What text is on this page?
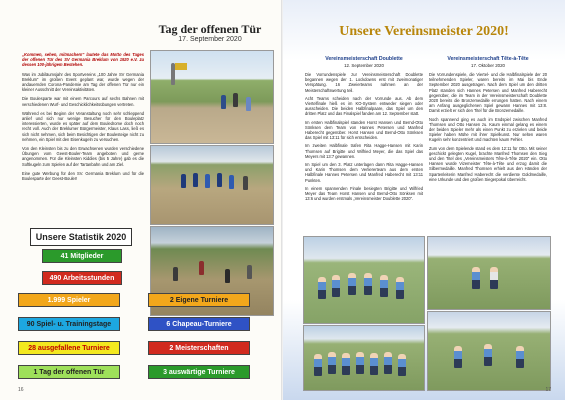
Tag der offenen Tür
17. September 2020

„Kommen, sehen, mitmachen!“ lautete das Motto des Tages der offenen Tür des SV Germania Breklum von 1920 e.V. zu dessen 100-jährigem Bestehen.

Was im Jubiläumsjahr des Sportvereins „100 Jahre SV Germania Breklum“ im großen Event geplant war, wurde wegen der andauernden Corona-Pandemie am Tag der offenen Tür nur ein kleiner Ausschnitt der Vereinsaktivitäten.

Die Boulesparte war mit einem Parcours auf sechs Bahnen mit verschiedenen Wurf- und Geschicklichkeitsübungen vertreten.

Während es bei Beginn der Veranstaltung noch sehr schleppend anlief und sich nur wenige Besucher für den Bouleplatz interessierten, wurde es später auf dem Bouledrome doch noch recht voll. Auch der Breklumer Bürgermeister, Klaus Lass, ließ es sich nicht nehmen, sich beim Besichtigen der Boulesteige nicht zu nehmen, ein Spiel mit den Eisenkugeln zu versuchen.

Von den Kleinsten bis zu den Erwachsenen wurden verschiedene Übungen vom Geest-Bouler-Team angeboten und gerne angenommen. Für die Kleinsten Kiddies (bis 5 Jahre) gab es die Softkugeln zum Spielen auf der Tartanbahn und am Ziel.

Eine gute Werbung für den SV. Germania Breklum und für die Boulesparte der Geest-Bouler!

Unsere Statistik 2020
41 Mitglieder
490 Arbeitsstunden
1.999 Spieler	2 Eigene Turniere
90 Spiel- u. Trainingstage	6 Chapeau-Turniere
28 ausgefallene Turniere	2 Meisterschaften
1 Tag der offenen Tür	3 auswärtige Turniere
16
Unsere Vereinsmeister 2020!
Vereinsmeisterschaft Doublette
12. September 2020

Die Vorrundenspiele zur Vereinsmeisterschaft Doublette begannen wegen der 1. Lockdowns erst mit zweimonatiger Verspätung. 16 Zweierteams nahmen an der Meisterschaftswertung teil.

Acht Teams scheiden nach der Vorrunde aus. Ab dem Viertelfinale hieß es im KO-System entweder siegen oder ausscheiden. Die beiden Halbfinalpaare, das Spiel um den dritten Platz und das Finalspiel fanden am 12. September statt.

Im ersten Halbfinalspiel standen Horst Hansen und Bernd-Otto Sönksen dem Team von Hannes Petersen und Manfred Haberecht gegenüber. Horst Hansen und Bernd-Otto Sönksen das Spiel mit 13:11 für sich entscheiden.

Im zweiten Halbfinale trafen Rita Hagge-Hansen mit Karin Thomsen auf Brigitte und Wilfried Meyer, die das Spiel das Meyers mit 13:7 gewannen.

Im Spiel um den 3. Platz unterlagen dann Rita Hagge-Hansen und Karin Thomsen dem Verliererteam aus dem ersten Halbfinale Hannes Petersen und Manfred Haberecht mit 13:11 Punkten.

In einem spannenden Finale besiegten Brigitte und Wilfried Meyer das Team Horst Hansen und Bernd-Otto Sönksen mit 13:6 und wurden erstmals „Vereinsmeister Doublette 2020“.

Vereinsmeisterschaft Tête-à-Tête
17. Oktober 2020

Die Vorrundenspiele, die Viertel- und die Halbfinalspiele der 20 teilnehmenden Spieler, waren bereits im Mai bis Ende September 2020 ausgetragen. Nach dem Spiel um den dritten Platz standen sich Hannes Petersen und Manfred Haberecht gegenüber, die im Team in der Vereinsmeisterschaft Doublette 2020 bereits die Bronzemedaille errungen hatten. Nach einem am Anfang ausgeglichenen Spiel gewann Hannes mit 13:8. Damit erzielt er sich den Titel für die Bronzemedaille.

Noch spannend ging es auch im Endspiel zwischen Manfred Thomsen und Otto Hansen zu. Kaum einmal gelang es einem der beiden Spieler mehr als einen Punkt zu erzielen und beide Spieler haben Mühe mit ihrer Spielkunst. Nur selten waren Kugeln sehr konzentriert und machten kaum Fehler.

Zum von dem Spielende stand es dem 12:11 für Otto. Mit seiner geschickt gelegten Kugel, brachte Manfred Thomsen den Sieg und den Titel des „Vereinsmeisters Tête-à-Tête 2020“ ein. Otto Hansen wurde Vizemeister Tête-à-Tête und erzog damit die Silbermedaille. Manfred Thomsen erhielt aus den Händen der Spartenleiterin Manfred Haberecht die verdiente Goldmedaille, eine Urkunde und den großen Siegerpokal überreicht.

17
